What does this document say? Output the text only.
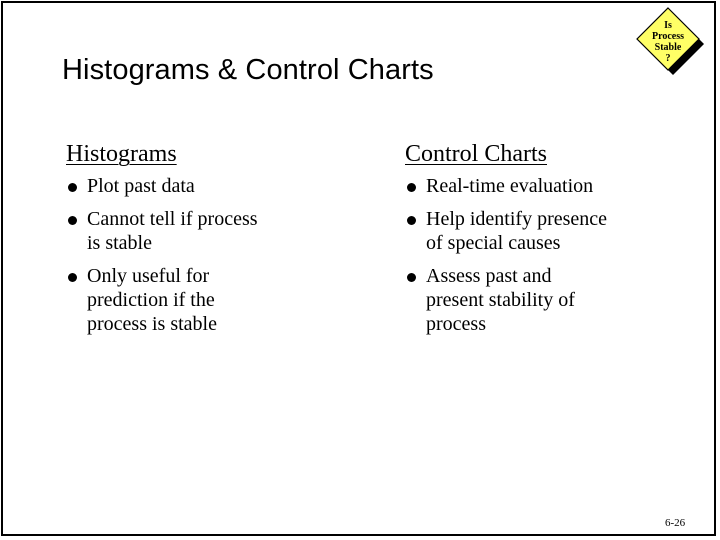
Histograms & Control Charts
Is
Process
Stable
?
Histograms
Plot past data
Cannot tell if process
is stable
Only useful for
prediction if the
process is stable
Control Charts
Real-time evaluation
Help identify presence
of special causes
Assess past and
present stability of
process
6-26
